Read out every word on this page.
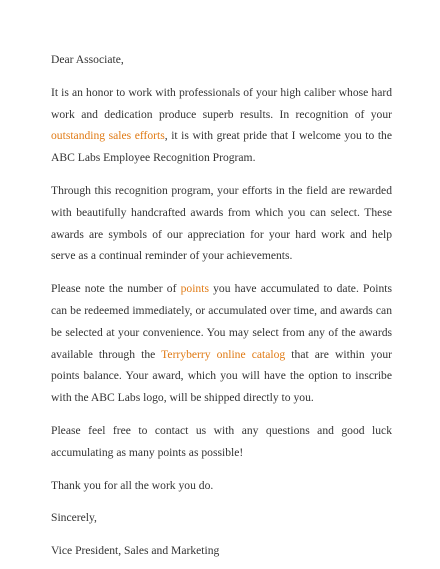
Dear Associate,

It is an honor to work with professionals of your high caliber whose hard work and dedication produce superb results. In recognition of your outstanding sales efforts, it is with great pride that I welcome you to the ABC Labs Employee Recognition Program.

Through this recognition program, your efforts in the field are rewarded with beautifully handcrafted awards from which you can select. These awards are symbols of our appreciation for your hard work and help serve as a continual reminder of your achievements.

Please note the number of points you have accumulated to date. Points can be redeemed immediately, or accumulated over time, and awards can be selected at your convenience. You may select from any of the awards available through the Terryberry online catalog that are within your points balance. Your award, which you will have the option to inscribe with the ABC Labs logo, will be shipped directly to you.

Please feel free to contact us with any questions and good luck accumulating as many points as possible!

Thank you for all the work you do.

Sincerely,

Vice President, Sales and Marketing
